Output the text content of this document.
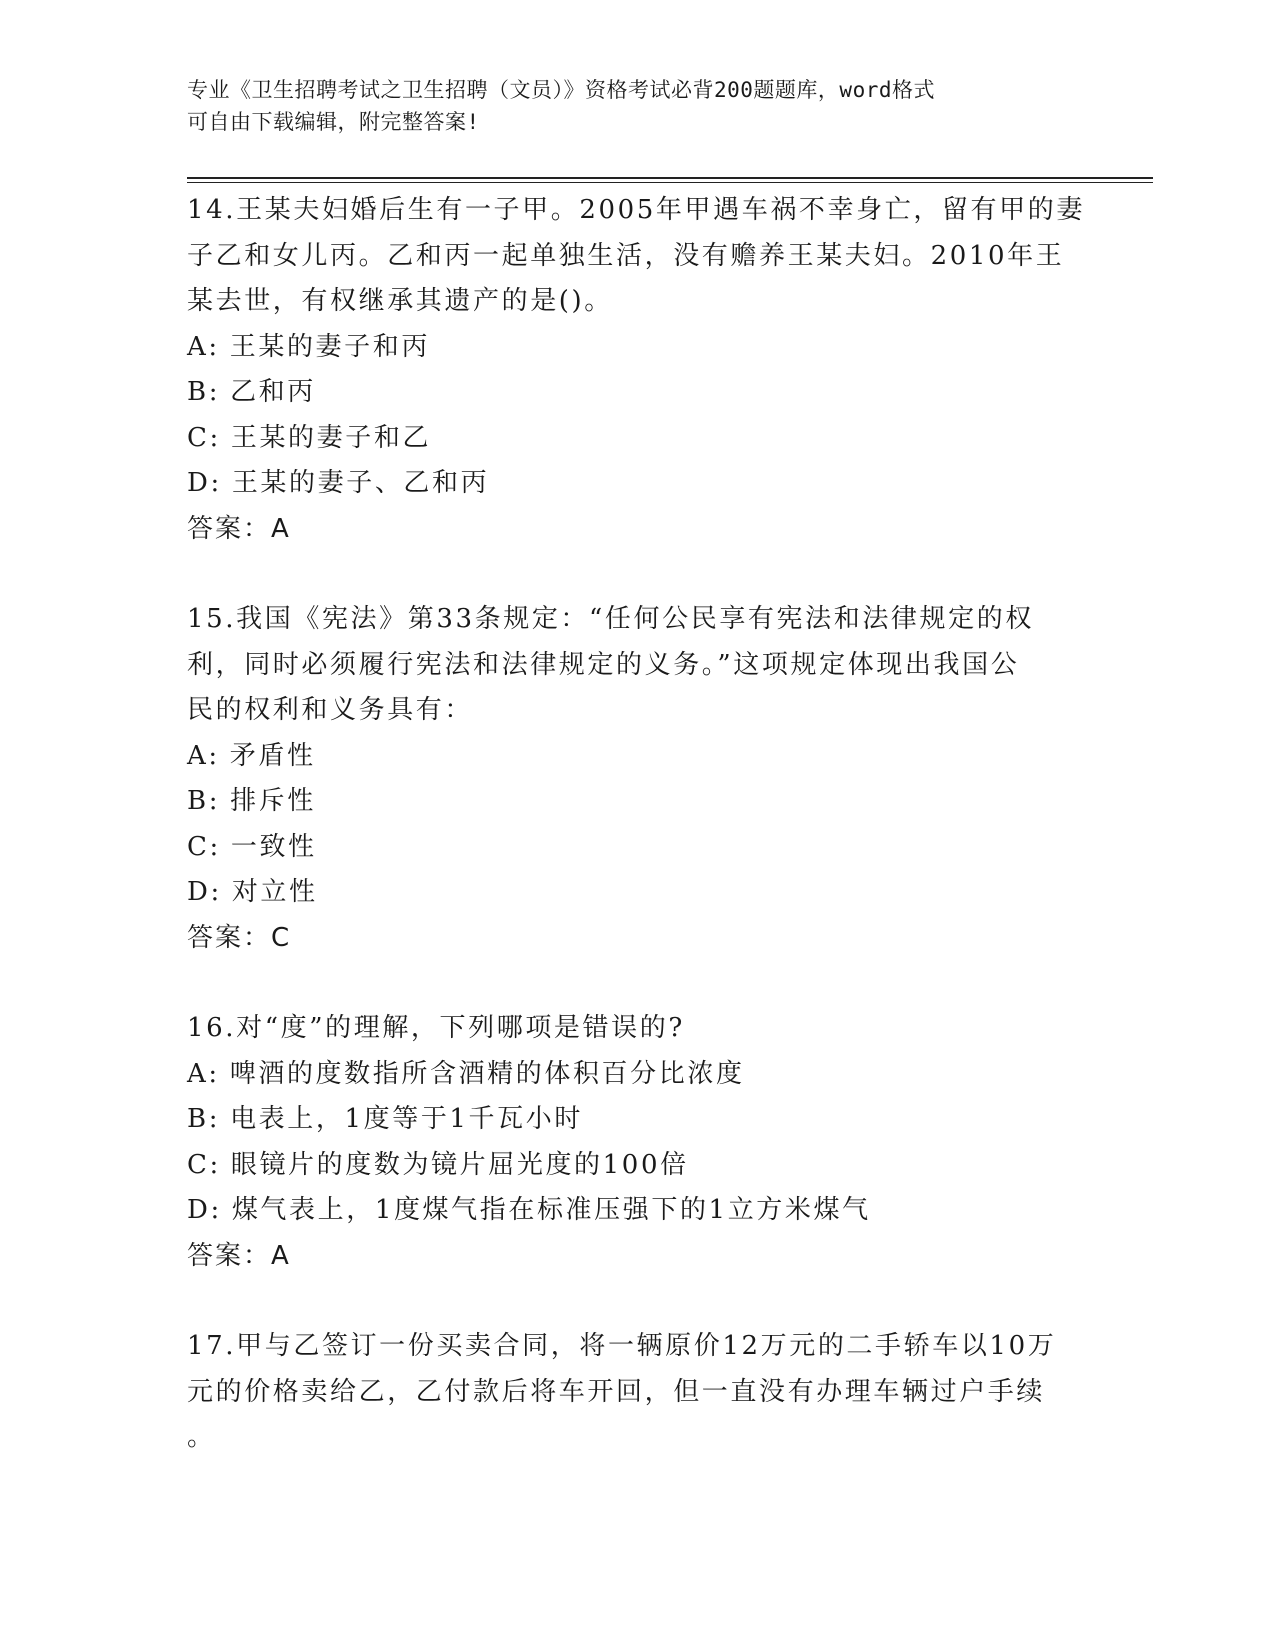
专业《卫生招聘考试之卫生招聘（文员）》资格考试必背200题题库，word格式
可自由下载编辑，附完整答案!
14.王某夫妇婚后生有一子甲。2005年甲遇车祸不幸身亡，留有甲的妻
子乙和女儿丙。乙和丙一起单独生活，没有赡养王某夫妇。2010年王
某去世，有权继承其遗产的是()。
A: 王某的妻子和丙
B: 乙和丙
C: 王某的妻子和乙
D: 王某的妻子、乙和丙
答案：A
15.我国《宪法》第33条规定：“任何公民享有宪法和法律规定的权
利，同时必须履行宪法和法律规定的义务。”这项规定体现出我国公
民的权利和义务具有：
A: 矛盾性
B: 排斥性
C: 一致性
D: 对立性
答案：C
16.对“度”的理解，下列哪项是错误的?
A: 啤酒的度数指所含酒精的体积百分比浓度
B: 电表上，1度等于1千瓦小时
C: 眼镜片的度数为镜片屈光度的100倍
D: 煤气表上，1度煤气指在标准压强下的1立方米煤气
答案：A
17.甲与乙签订一份买卖合同，将一辆原价12万元的二手轿车以10万
元的价格卖给乙，乙付款后将车开回，但一直没有办理车辆过户手续
。
